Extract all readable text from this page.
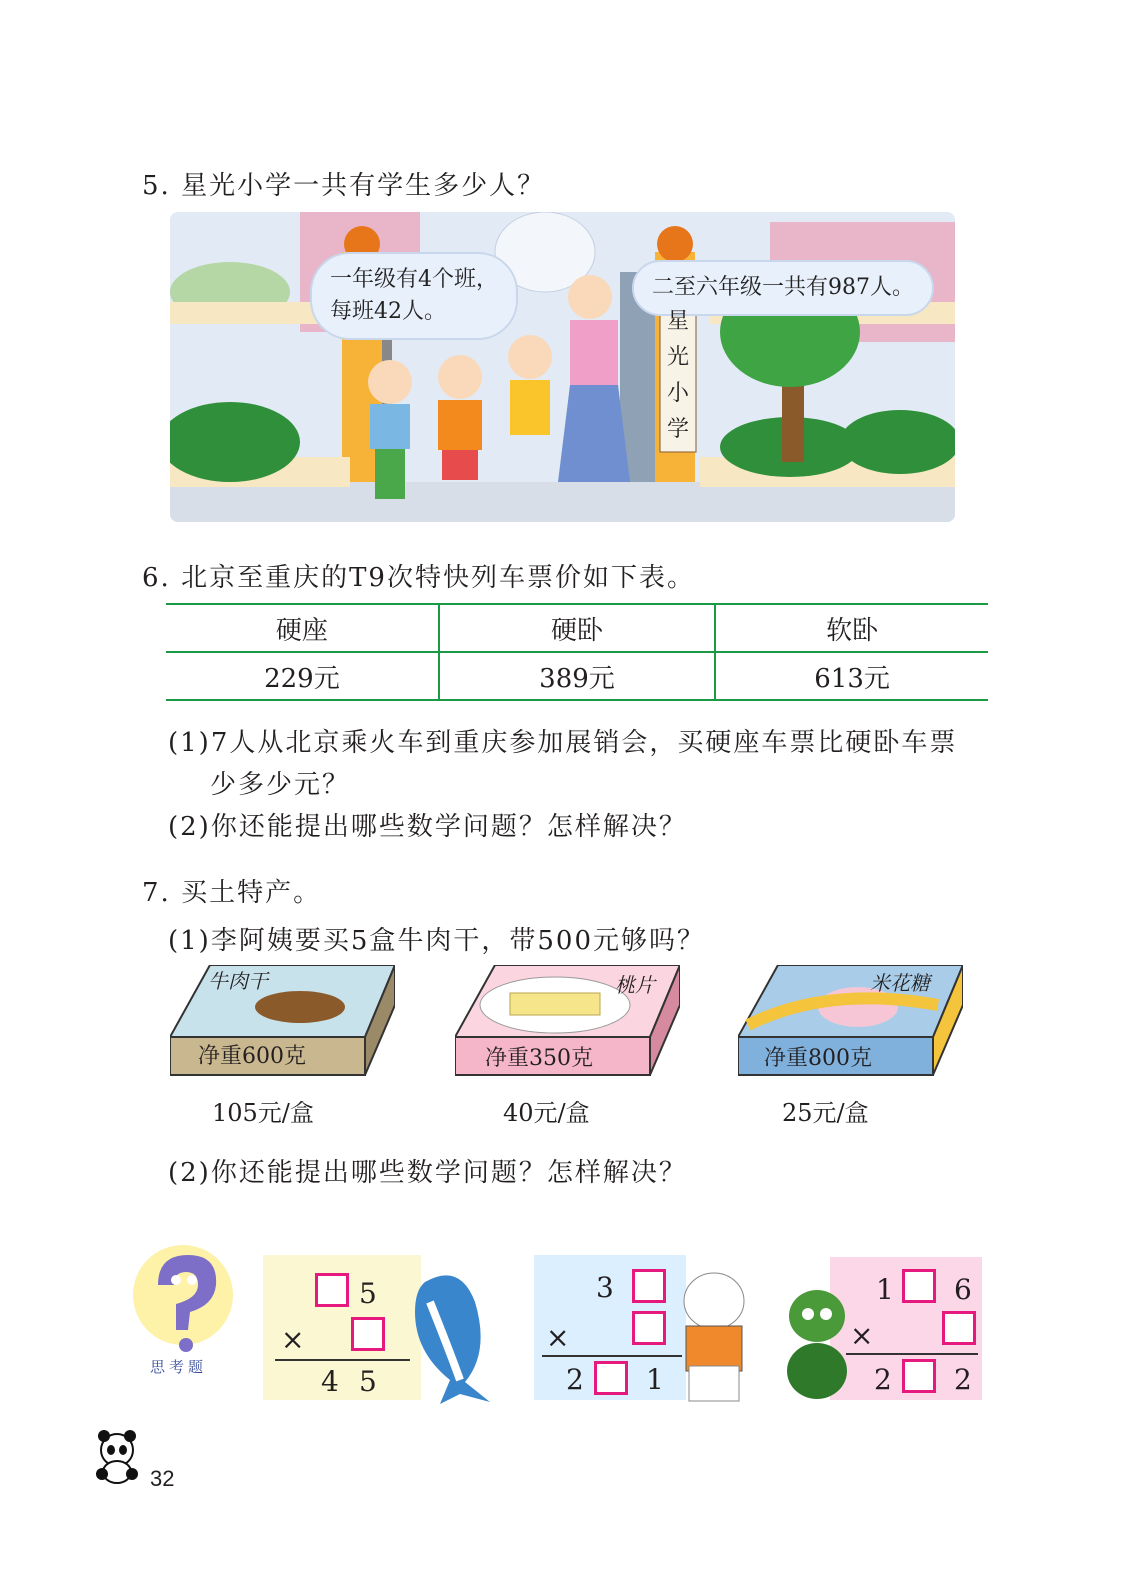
5. 星光小学一共有学生多少人？
一年级有4个班，
每班42人。
二至六年级一共有987人。
星
光
小
学
6. 北京至重庆的T9次特快列车票价如下表。
硬座	硬卧	软卧
229元	389元	613元
(1)7人从北京乘火车到重庆参加展销会，买硬座车票比硬卧车票
少多少元？
(2)你还能提出哪些数学问题？怎样解决？
7. 买土特产。
(1)李阿姨要买5盒牛肉干，带500元够吗？
牛肉干
净重600克
105元/盒
桃片
净重350克
40元/盒
米花糖
净重800克
25元/盒
(2)你还能提出哪些数学问题？怎样解决？
思考题
5
×
4 5
3
×
2 1
1 6
×
2 2
32
